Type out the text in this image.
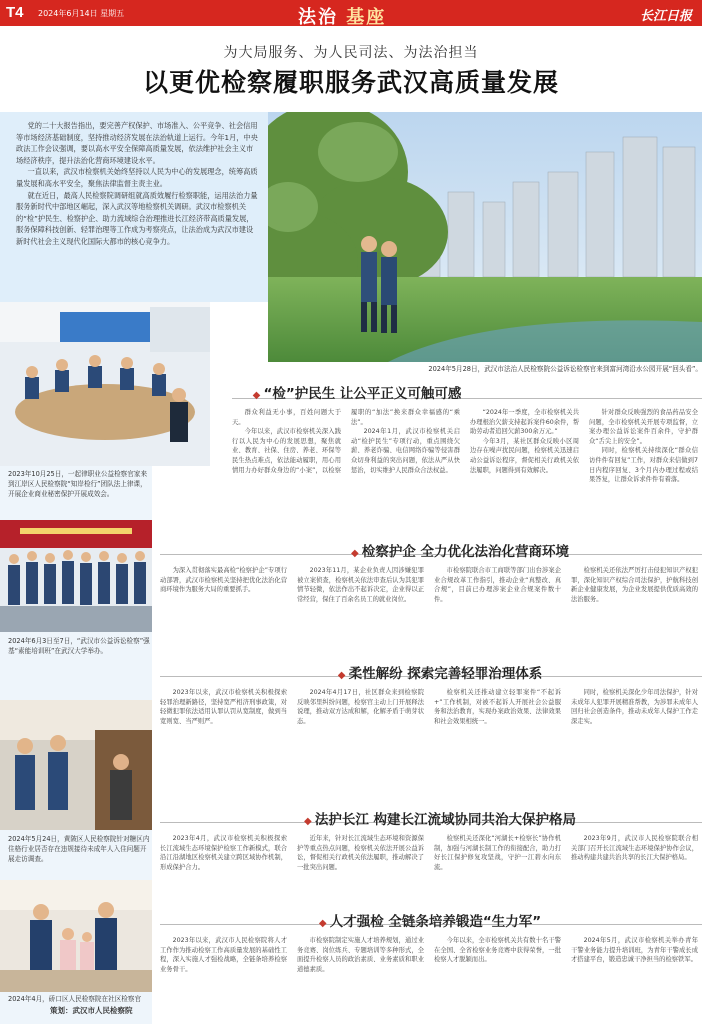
T4 2024年6月14日 星期五	法治 基座	长江日报
为大局服务、为人民司法、为法治担当
以更优检察履职服务武汉高质量发展

党的二十大报告指出，要完善产权保护、市场准入、公平竞争、社会信用等市场经济基础制度，坚持推动经济发展在法治轨道上运行。今年1月，中央政法工作会议强调，要以高水平安全保障高质量发展，依法维护社会主义市场经济秩序，提升法治化营商环境建设水平。

一直以来，武汉市检察机关始终坚持以人民为中心的发展理念，统筹高质量发展和高水平安全，聚焦法律监督主责主业。

就在近日，最高人民检察院调研组就高质效履行检察职能，运用法治力量服务新时代中部地区崛起，深入武汉等地检察机关调研。武汉市检察机关的“检”护民生、检察护企、助力流域综合治理推进长江经济带高质量发展，服务保障科技创新、轻罪治理等工作成为考察亮点，让法治成为武汉市建设新时代社会主义现代化国际大都市的核心竞争力。

2024年5月28日，武汉市法治人民检察院公益诉讼检察官来到富河湾沿水公园开展“回头看”。
2023年10月25日，一起律职业公益检察官家来到江岸区人民检察院“知岸检行”团队法上律课，开展企业商业秘密保护开展成效会。
2024年6月3日至7日，“武汉市公益诉讼检察”强基“素能培训班”在武汉大学举办。
2024年5月24日，黄陂区人民检察院针对糖区内住格行业居否存在违规接待未成年人入住问题开展走访调查。
2024年4月，硚口区人民检察院在社区检察官
策划：武汉市人民检察院
◆ “检”护民生 让公平正义可触可感

群众利益无小事，百姓问题大于天。

今年以来，武汉市检察机关深入践行以人民为中心的发展思想，聚焦就业、教育、社保、住房、养老、环保等民生热点难点，依法能动履职，用心用情用力办好群众身边的“小案”，以检察履职的“加法”换来群众幸福感的“乘法”。

2024年1月，武汉市检察机关启动“检护民生”专项行动，重点围绕欠薪、养老诈骗、电信网络诈骗等侵害群众切身利益的突出问题，依法从严从快惩治，切实维护人民群众合法权益。

“2024年一季度，全市检察机关共办理根治欠薪支持起诉案件60余件，帮助劳动者追回欠薪300余万元。”

今年3月，某社区群众反映小区周边存在噪声扰民问题，检察机关迅速启动公益诉讼程序，督促相关行政机关依法履职，问题得到有效解决。

针对群众反映强烈的食品药品安全问题，全市检察机关开展专项监督，立案办理公益诉讼案件百余件，守护群众“舌尖上的安全”。

同时，检察机关持续深化“群众信访件件有回复”工作，对群众来信做到7日内程序回复、3个月内办理过程或结果答复，让群众诉求件件有着落。

◆ 检察护企 全力优化法治化营商环境

为深入贯彻落实最高检“检察护企”专项行动部署，武汉市检察机关坚持把优化法治化营商环境作为服务大局的重要抓手。

2023年11月，某企业负责人因涉嫌犯罪被立案侦查，检察机关依法审查后认为其犯罪情节轻微，依法作出不起诉决定，企业得以正常经营，保住了百余名员工的就业岗位。

市检察院联合市工商联等部门出台涉案企业合规改革工作指引，推动企业“真整改、真合规”，目前已办理涉案企业合规案件数十件。

检察机关还依法严厉打击侵犯知识产权犯罪，深化知识产权综合司法保护，护航科技创新企业健康发展，为企业发展提供优质高效的法治服务。

◆ 柔性解纷 探索完善轻罪治理体系

2023年以来，武汉市检察机关积极探索轻罪治理新路径，坚持宽严相济刑事政策，对轻微犯罪依法适用认罪认罚从宽制度，做到当宽则宽、当严则严。

2024年4月17日，社区群众来到检察院反映邻里纠纷问题，检察官主动上门开展释法说理，推动双方达成和解，化解矛盾于萌芽状态。

检察机关还推动建立轻罪案件“不起诉+”工作机制，对被不起诉人开展社会公益服务和法治教育，实现办案政治效果、法律效果和社会效果相统一。

同时，检察机关深化少年司法保护，针对未成年人犯罪开展精准帮教，为涉罪未成年人回归社会创造条件，推动未成年人保护工作走深走实。

◆ 法护长江 构建长江流域协同共治大保护格局

2023年4月，武汉市检察机关积极探索长江流域生态环境保护检察工作新模式，联合沿江沿湖地区检察机关建立跨区域协作机制，形成保护合力。

近年来，针对长江流域生态环境和资源保护等重点热点问题，检察机关依法开展公益诉讼，督促相关行政机关依法履职，推动解决了一批突出问题。

检察机关还深化“河湖长+检察长”协作机制，加强与河湖长制工作的衔接配合，助力打好长江保护修复攻坚战，守护一江碧水向东流。

2023年9月，武汉市人民检察院联合相关部门召开长江流域生态环境保护协作会议，推动构建共建共治共享的长江大保护格局。

◆ 人才强检 全链条培养锻造“生力军”

2023年以来，武汉市人民检察院将人才工作作为推动检察工作高质量发展的基础性工程，深入实施人才强检战略，全链条培养检察业务骨干。

市检察院制定实施人才培养规划，通过业务竞赛、岗位练兵、专题培训等多种形式，全面提升检察人员的政治素质、业务素质和职业道德素质。

今年以来，全市检察机关共有数十名干警在全国、全省检察业务竞赛中获得荣誉，一批检察人才脱颖而出。

2024年5月，武汉市检察机关举办青年干警业务能力提升培训班，为青年干警成长成才搭建平台，锻造忠诚干净担当的检察铁军。
